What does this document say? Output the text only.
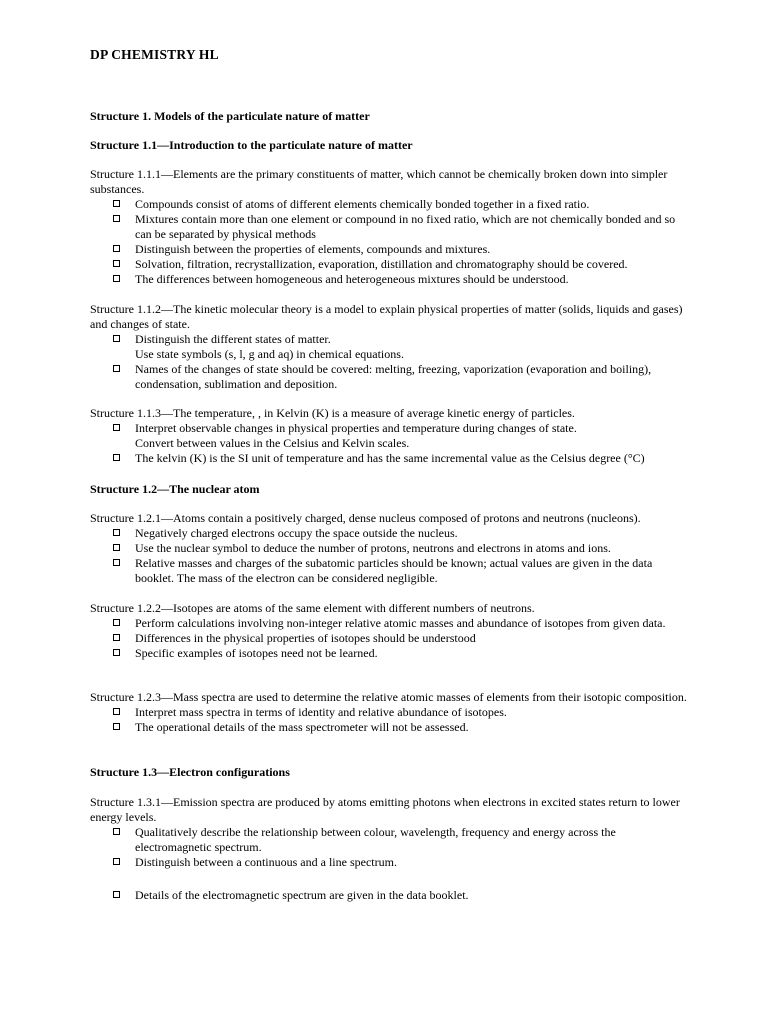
DP CHEMISTRY HL
Structure 1. Models of the particulate nature of matter
Structure 1.1—Introduction to the particulate nature of matter

Structure 1.1.1—Elements are the primary constituents of matter, which cannot be chemically broken down into simpler substances.

Compounds consist of atoms of different elements chemically bonded together in a fixed ratio.
Mixtures contain more than one element or compound in no fixed ratio, which are not chemically bonded and so can be separated by physical methods
Distinguish between the properties of elements, compounds and mixtures.
Solvation, filtration, recrystallization, evaporation, distillation and chromatography should be covered.
The differences between homogeneous and heterogeneous mixtures should be understood.

Structure 1.1.2—The kinetic molecular theory is a model to explain physical properties of matter (solids, liquids and gases) and changes of state.

Distinguish the different states of matter.

Use state symbols (s, l, g and aq) in chemical equations.

Names of the changes of state should be covered: melting, freezing, vaporization (evaporation and boiling), condensation, sublimation and deposition.

Structure 1.1.3—The temperature, , in Kelvin (K) is a measure of average kinetic energy of particles.

Interpret observable changes in physical properties and temperature during changes of state.

Convert between values in the Celsius and Kelvin scales.

The kelvin (K) is the SI unit of temperature and has the same incremental value as the Celsius degree (°C)
Structure 1.2—The nuclear atom

Structure 1.2.1—Atoms contain a positively charged, dense nucleus composed of protons and neutrons (nucleons).

Negatively charged electrons occupy the space outside the nucleus.
Use the nuclear symbol to deduce the number of protons, neutrons and electrons in atoms and ions.
Relative masses and charges of the subatomic particles should be known; actual values are given in the data booklet. The mass of the electron can be considered negligible.

Structure 1.2.2—Isotopes are atoms of the same element with different numbers of neutrons.

Perform calculations involving non-integer relative atomic masses and abundance of isotopes from given data.
Differences in the physical properties of isotopes should be understood
Specific examples of isotopes need not be learned.

Structure 1.2.3—Mass spectra are used to determine the relative atomic masses of elements from their isotopic composition.

Interpret mass spectra in terms of identity and relative abundance of isotopes.
The operational details of the mass spectrometer will not be assessed.
Structure 1.3—Electron configurations

Structure 1.3.1—Emission spectra are produced by atoms emitting photons when electrons in excited states return to lower energy levels.

Qualitatively describe the relationship between colour, wavelength, frequency and energy across the electromagnetic spectrum.
Distinguish between a continuous and a line spectrum.
Details of the electromagnetic spectrum are given in the data booklet.
